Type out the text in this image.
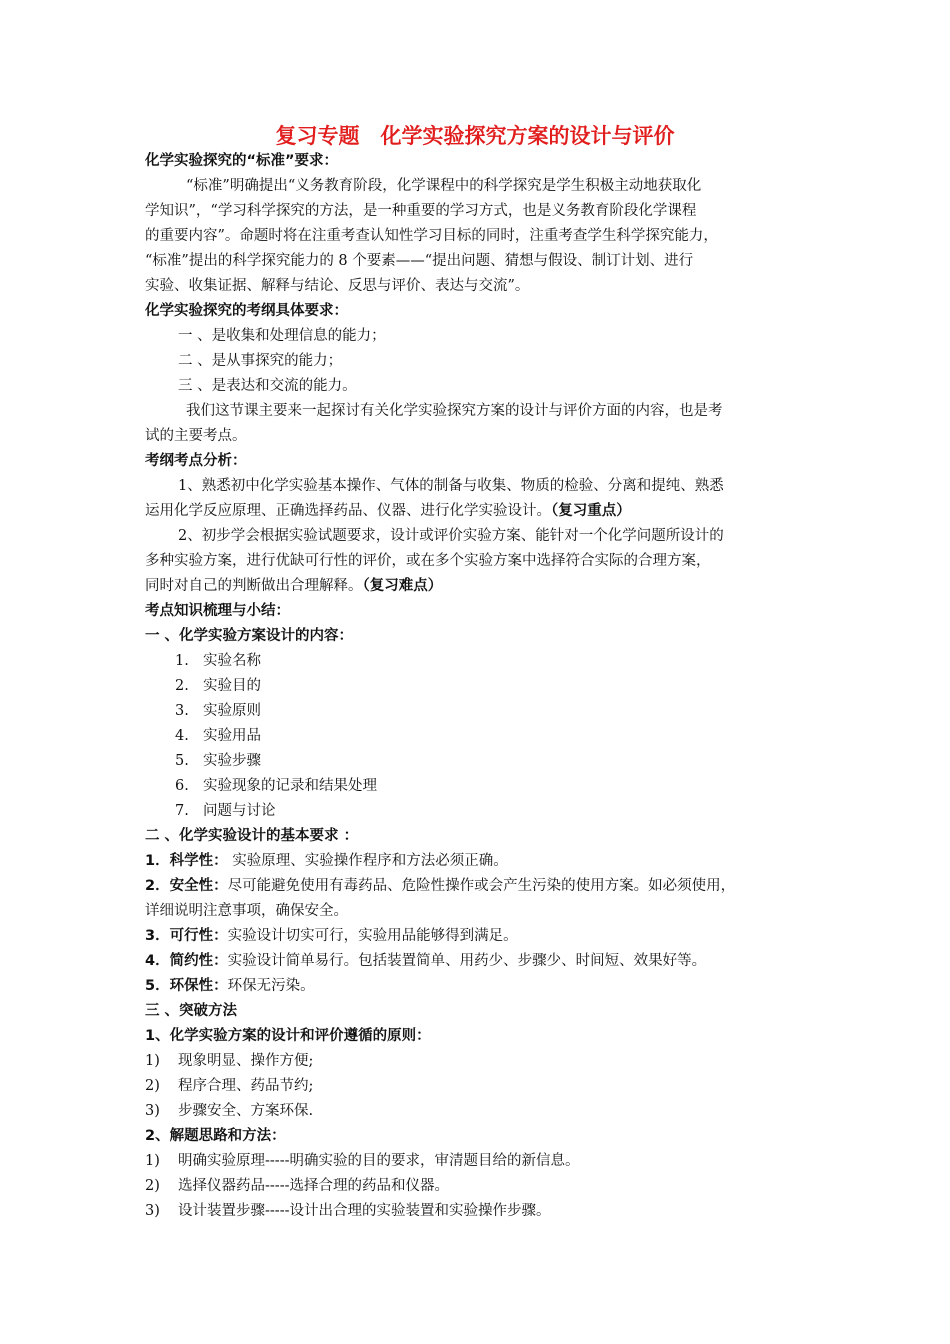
复习专题　化学实验探究方案的设计与评价
化学实验探究的“标准”要求：
“标准”明确提出“义务教育阶段，化学课程中的科学探究是学生积极主动地获取化
学知识”，“学习科学探究的方法，是一种重要的学习方式，也是义务教育阶段化学课程
的重要内容”。命题时将在注重考查认知性学习目标的同时，注重考查学生科学探究能力，
“标准”提出的科学探究能力的 8 个要素——“提出问题、猜想与假设、制订计划、进行
实验、收集证据、解释与结论、反思与评价、表达与交流”。
化学实验探究的考纲具体要求：
一 、是收集和处理信息的能力；
二 、是从事探究的能力；
三 、是表达和交流的能力。
我们这节课主要来一起探讨有关化学实验探究方案的设计与评价方面的内容，也是考
试的主要考点。
考纲考点分析：
1、熟悉初中化学实验基本操作、气体的制备与收集、物质的检验、分离和提纯、熟悉
运用化学反应原理、正确选择药品、仪器、进行化学实验设计。（复习重点）
2、初步学会根据实验试题要求，设计或评价实验方案、能针对一个化学问题所设计的
多种实验方案，进行优缺可行性的评价，或在多个实验方案中选择符合实际的合理方案，
同时对自己的判断做出合理解释。（复习难点）
考点知识梳理与小结：
一 、化学实验方案设计的内容：
1. 实验名称
2. 实验目的
3. 实验原则
4. 实验用品
5. 实验步骤
6. 实验现象的记录和结果处理
7. 问题与讨论
二 、化学实验设计的基本要求 ：
1．科学性： 实验原理、实验操作程序和方法必须正确。
2．安全性：尽可能避免使用有毒药品、危险性操作或会产生污染的使用方案。如必须使用，
详细说明注意事项，确保安全。
3．可行性：实验设计切实可行，实验用品能够得到满足。
4．简约性：实验设计简单易行。包括装置简单、用药少、步骤少、时间短、效果好等。
5．环保性：环保无污染。
三 、突破方法
1、化学实验方案的设计和评价遵循的原则：
1) 现象明显、操作方便;
2) 程序合理、药品节约;
3) 步骤安全、方案环保.
2、解题思路和方法：
1) 明确实验原理-----明确实验的目的要求，审清题目给的新信息。
2) 选择仪器药品-----选择合理的药品和仪器。
3) 设计装置步骤-----设计出合理的实验装置和实验操作步骤。
